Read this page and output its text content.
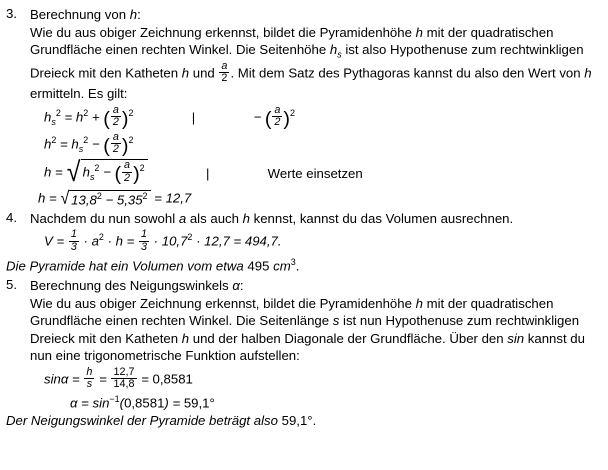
3. Berechnung von h:
Wie du aus obiger Zeichnung erkennst, bildet die Pyramidenhöhe h mit der quadratischen Grundfläche einen rechten Winkel. Die Seitenhöhe $h_s$ ist also Hypothenuse zum rechtwinkligen Dreieck mit den Katheten h und $\frac{a}{2}$ . Mit dem Satz des Pythagoras kannst du also den Wert von h ermitteln. Es gilt:
$h_s^2 = h^2$ + ( $\frac{a}{2} )^2$	|	− ( $\frac{a}{2} )^2$
$h^2 = h_s^2$ − ( $\frac{a}{2} )^2$
h = √ $h_s^2$ − ( $\frac{a}{2} )^2$	|	Werte einsetzen
h = √ $13,8^2 - 5,35^2 = 12,7$
4. Nachdem du nun sowohl a als auch h kennst, kannst du das Volumen ausrechnen.
$V = \frac{1}{3} \cdot a^2 \cdot h = \frac{1}{3} \cdot 10,7^2 \cdot 12,7 = 494,7$.
Die Pyramide hat ein Volumen vom etwa 495 $cm^3$.
5. Berechnung des Neigungswinkels α:
Wie du aus obiger Zeichnung erkennst, bildet die Pyramidenhöhe h mit der quadratischen Grundfläche einen rechten Winkel. Die Seitenlänge s ist nun Hypothenuse zum rechtwinkligen Dreieck mit den Katheten h und der halben Diagonale der Grundfläche. Über den sin kannst du nun eine trigonometrische Funktion aufstellen:
$\sin\alpha = \frac{h}{s} = \frac{12,7}{14,8} = 0,8581$
$\alpha = \sin^{-1}(0,8581) = 59,1^\circ$
Der Neigungswinkel der Pyramide beträgt also 59,1°.
